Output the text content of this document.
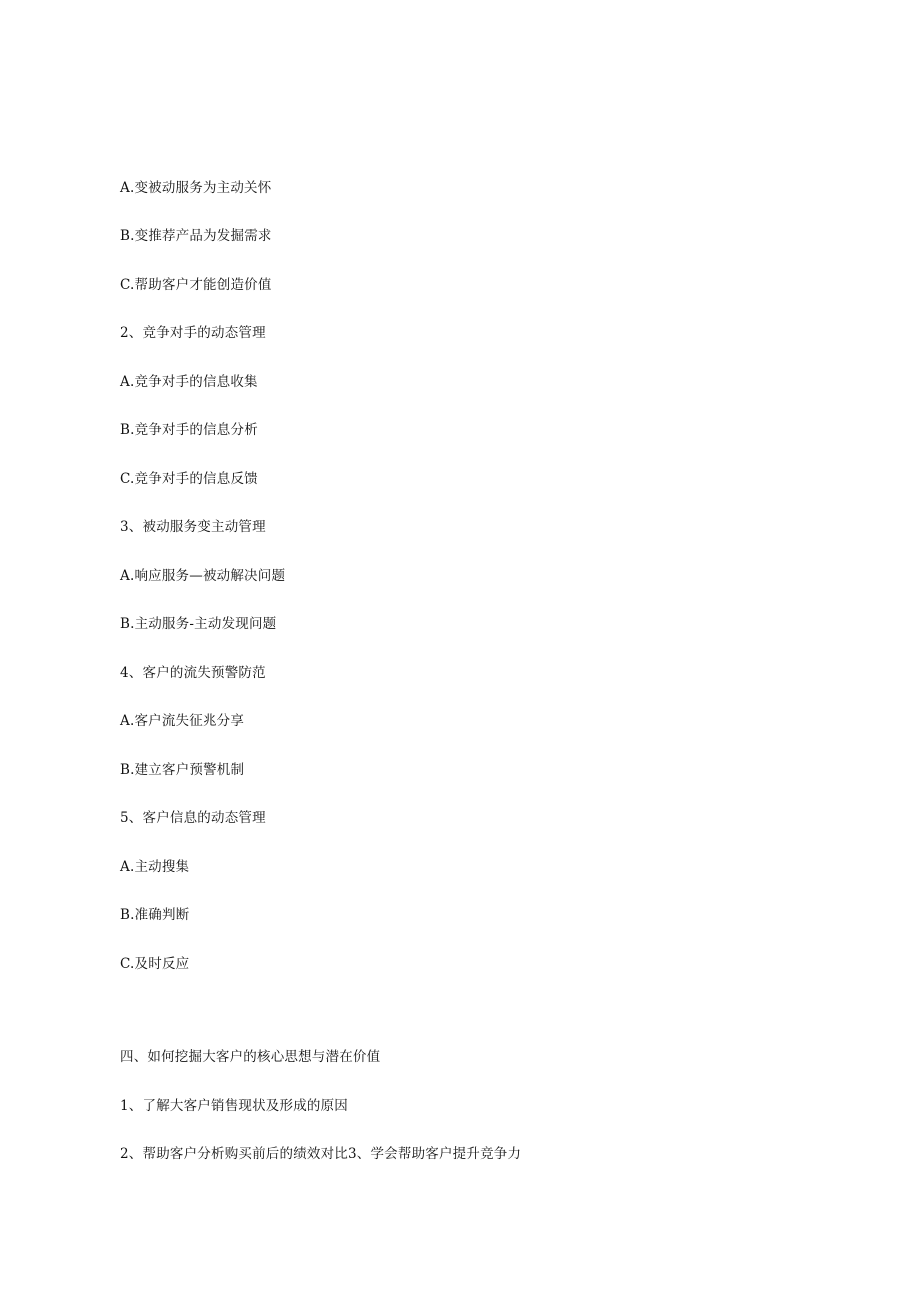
A.变被动服务为主动关怀
B.变推荐产品为发掘需求
C.帮助客户才能创造价值
2、竞争对手的动态管理
A.竞争对手的信息收集
B.竞争对手的信息分析
C.竞争对手的信息反馈
3、被动服务变主动管理
A.响应服务—被动解决问题
B.主动服务-主动发现问题
4、客户的流失预警防范
A.客户流失征兆分享
B.建立客户预警机制
5、客户信息的动态管理
A.主动搜集
B.准确判断
C.及时反应
四、如何挖掘大客户的核心思想与潜在价值
1、了解大客户销售现状及形成的原因
2、帮助客户分析购买前后的绩效对比3、学会帮助客户提升竞争力
